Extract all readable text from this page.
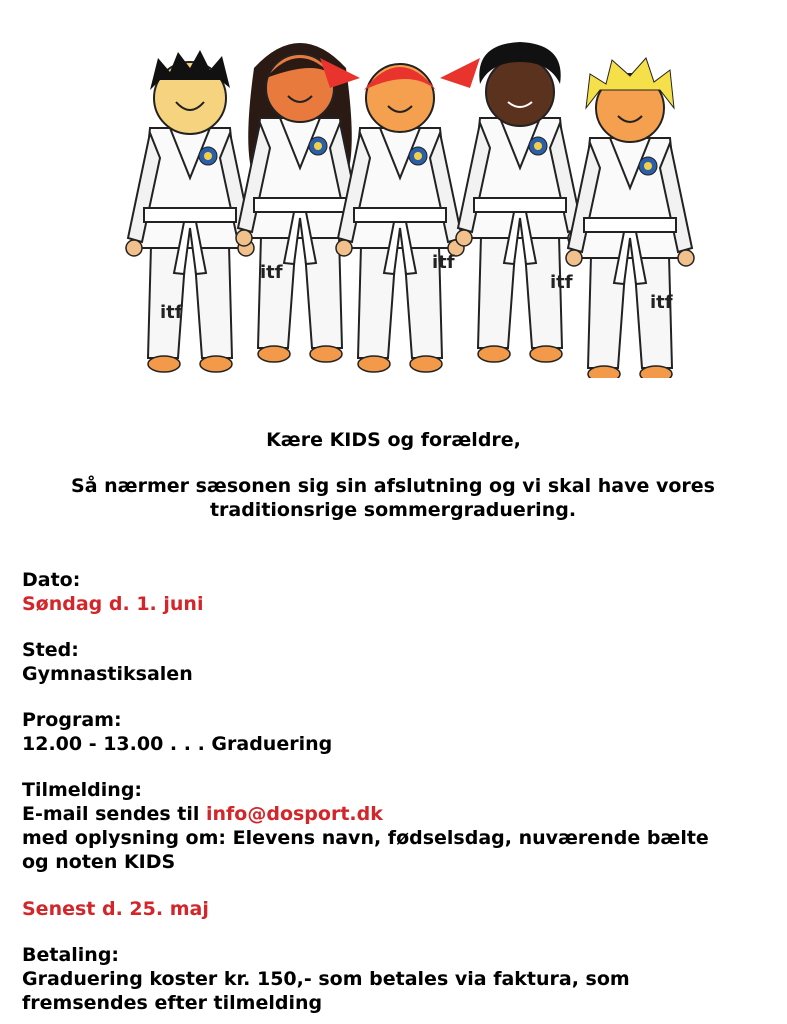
itf
itf	itf
itf
itf
Kære KIDS og forældre,
Så nærmer sæsonen sig sin afslutning og vi skal have vores traditionsrige sommergraduering.
Dato:
Søndag d. 1. juni
Sted:
Gymnastiksalen
Program:
12.00 - 13.00 . . . Graduering
Tilmelding:
E-mail sendes til info@dosport.dk
med oplysning om: Elevens navn, fødselsdag, nuværende bælte
og noten KIDS
Senest d. 25. maj
Betaling:
Graduering koster kr. 150,- som betales via faktura, som
fremsendes efter tilmelding
